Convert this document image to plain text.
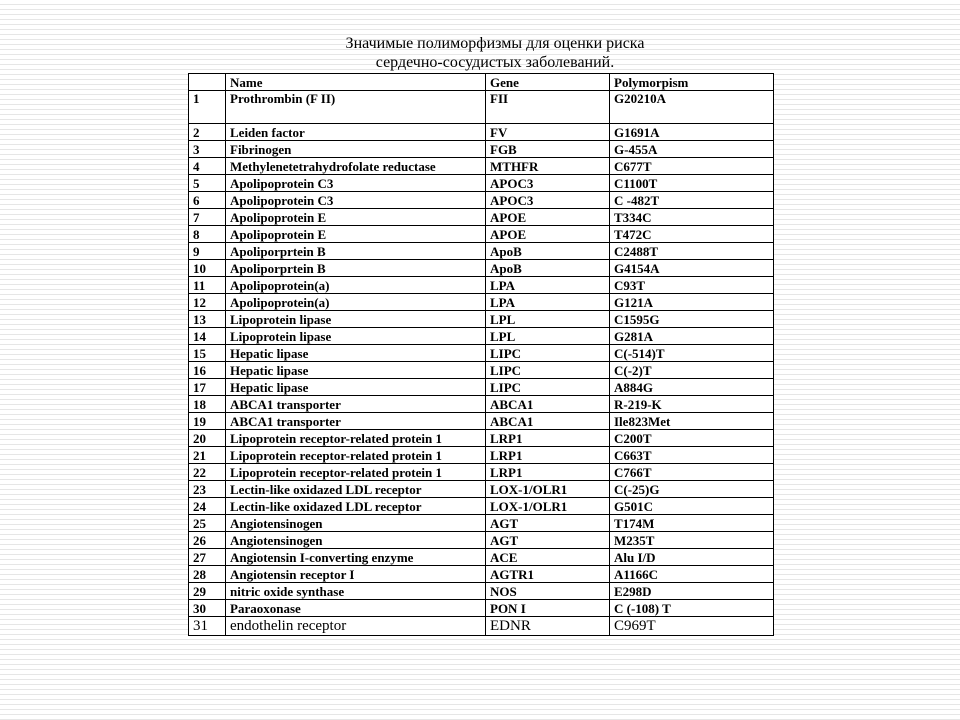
Значимые полиморфизмы для оценки риска
сердечно-сосудистых заболеваний.
	Name	Gene	Polymorpism
1	Prothrombin (F II)	FII	G20210A
2	Leiden factor	FV	G1691A
3	Fibrinogen	FGB	G-455A
4	Methylenetetrahydrofolate reductase	MTHFR	C677T
5	Apolipoprotein C3	APOC3	C1100T
6	Apolipoprotein C3	APOC3	C -482T
7	Apolipoprotein E	APOE	T334C
8	Apolipoprotein E	APOE	T472C
9	Apoliporprtein B	ApoB	C2488T
10	Apoliporprtein B	ApoB	G4154A
11	Apolipoprotein(a)	LPA	C93T
12	Apolipoprotein(a)	LPA	G121A
13	Lipoprotein lipase	LPL	C1595G
14	Lipoprotein lipase	LPL	G281A
15	Hepatic lipase	LIPC	C(-514)T
16	Hepatic lipase	LIPC	C(-2)T
17	Hepatic lipase	LIPC	A884G
18	ABCA1 transporter	ABCA1	R-219-K
19	ABCA1 transporter	ABCA1	Ile823Met
20	Lipoprotein receptor-related protein 1	LRP1	C200T
21	Lipoprotein receptor-related protein 1	LRP1	C663T
22	Lipoprotein receptor-related protein 1	LRP1	C766T
23	Lectin-like oxidazed LDL receptor	LOX-1/OLR1	C(-25)G
24	Lectin-like oxidazed LDL receptor	LOX-1/OLR1	G501C
25	Angiotensinogen	AGT	T174M
26	Angiotensinogen	AGT	M235T
27	Angiotensin I-converting enzyme	ACE	Alu I/D
28	Angiotensin receptor I	AGTR1	A1166C
29	nitric oxide synthase	NOS	E298D
30	Paraoxonase	PON I	C (-108) T
31	endothelin receptor	EDNR	C969T
